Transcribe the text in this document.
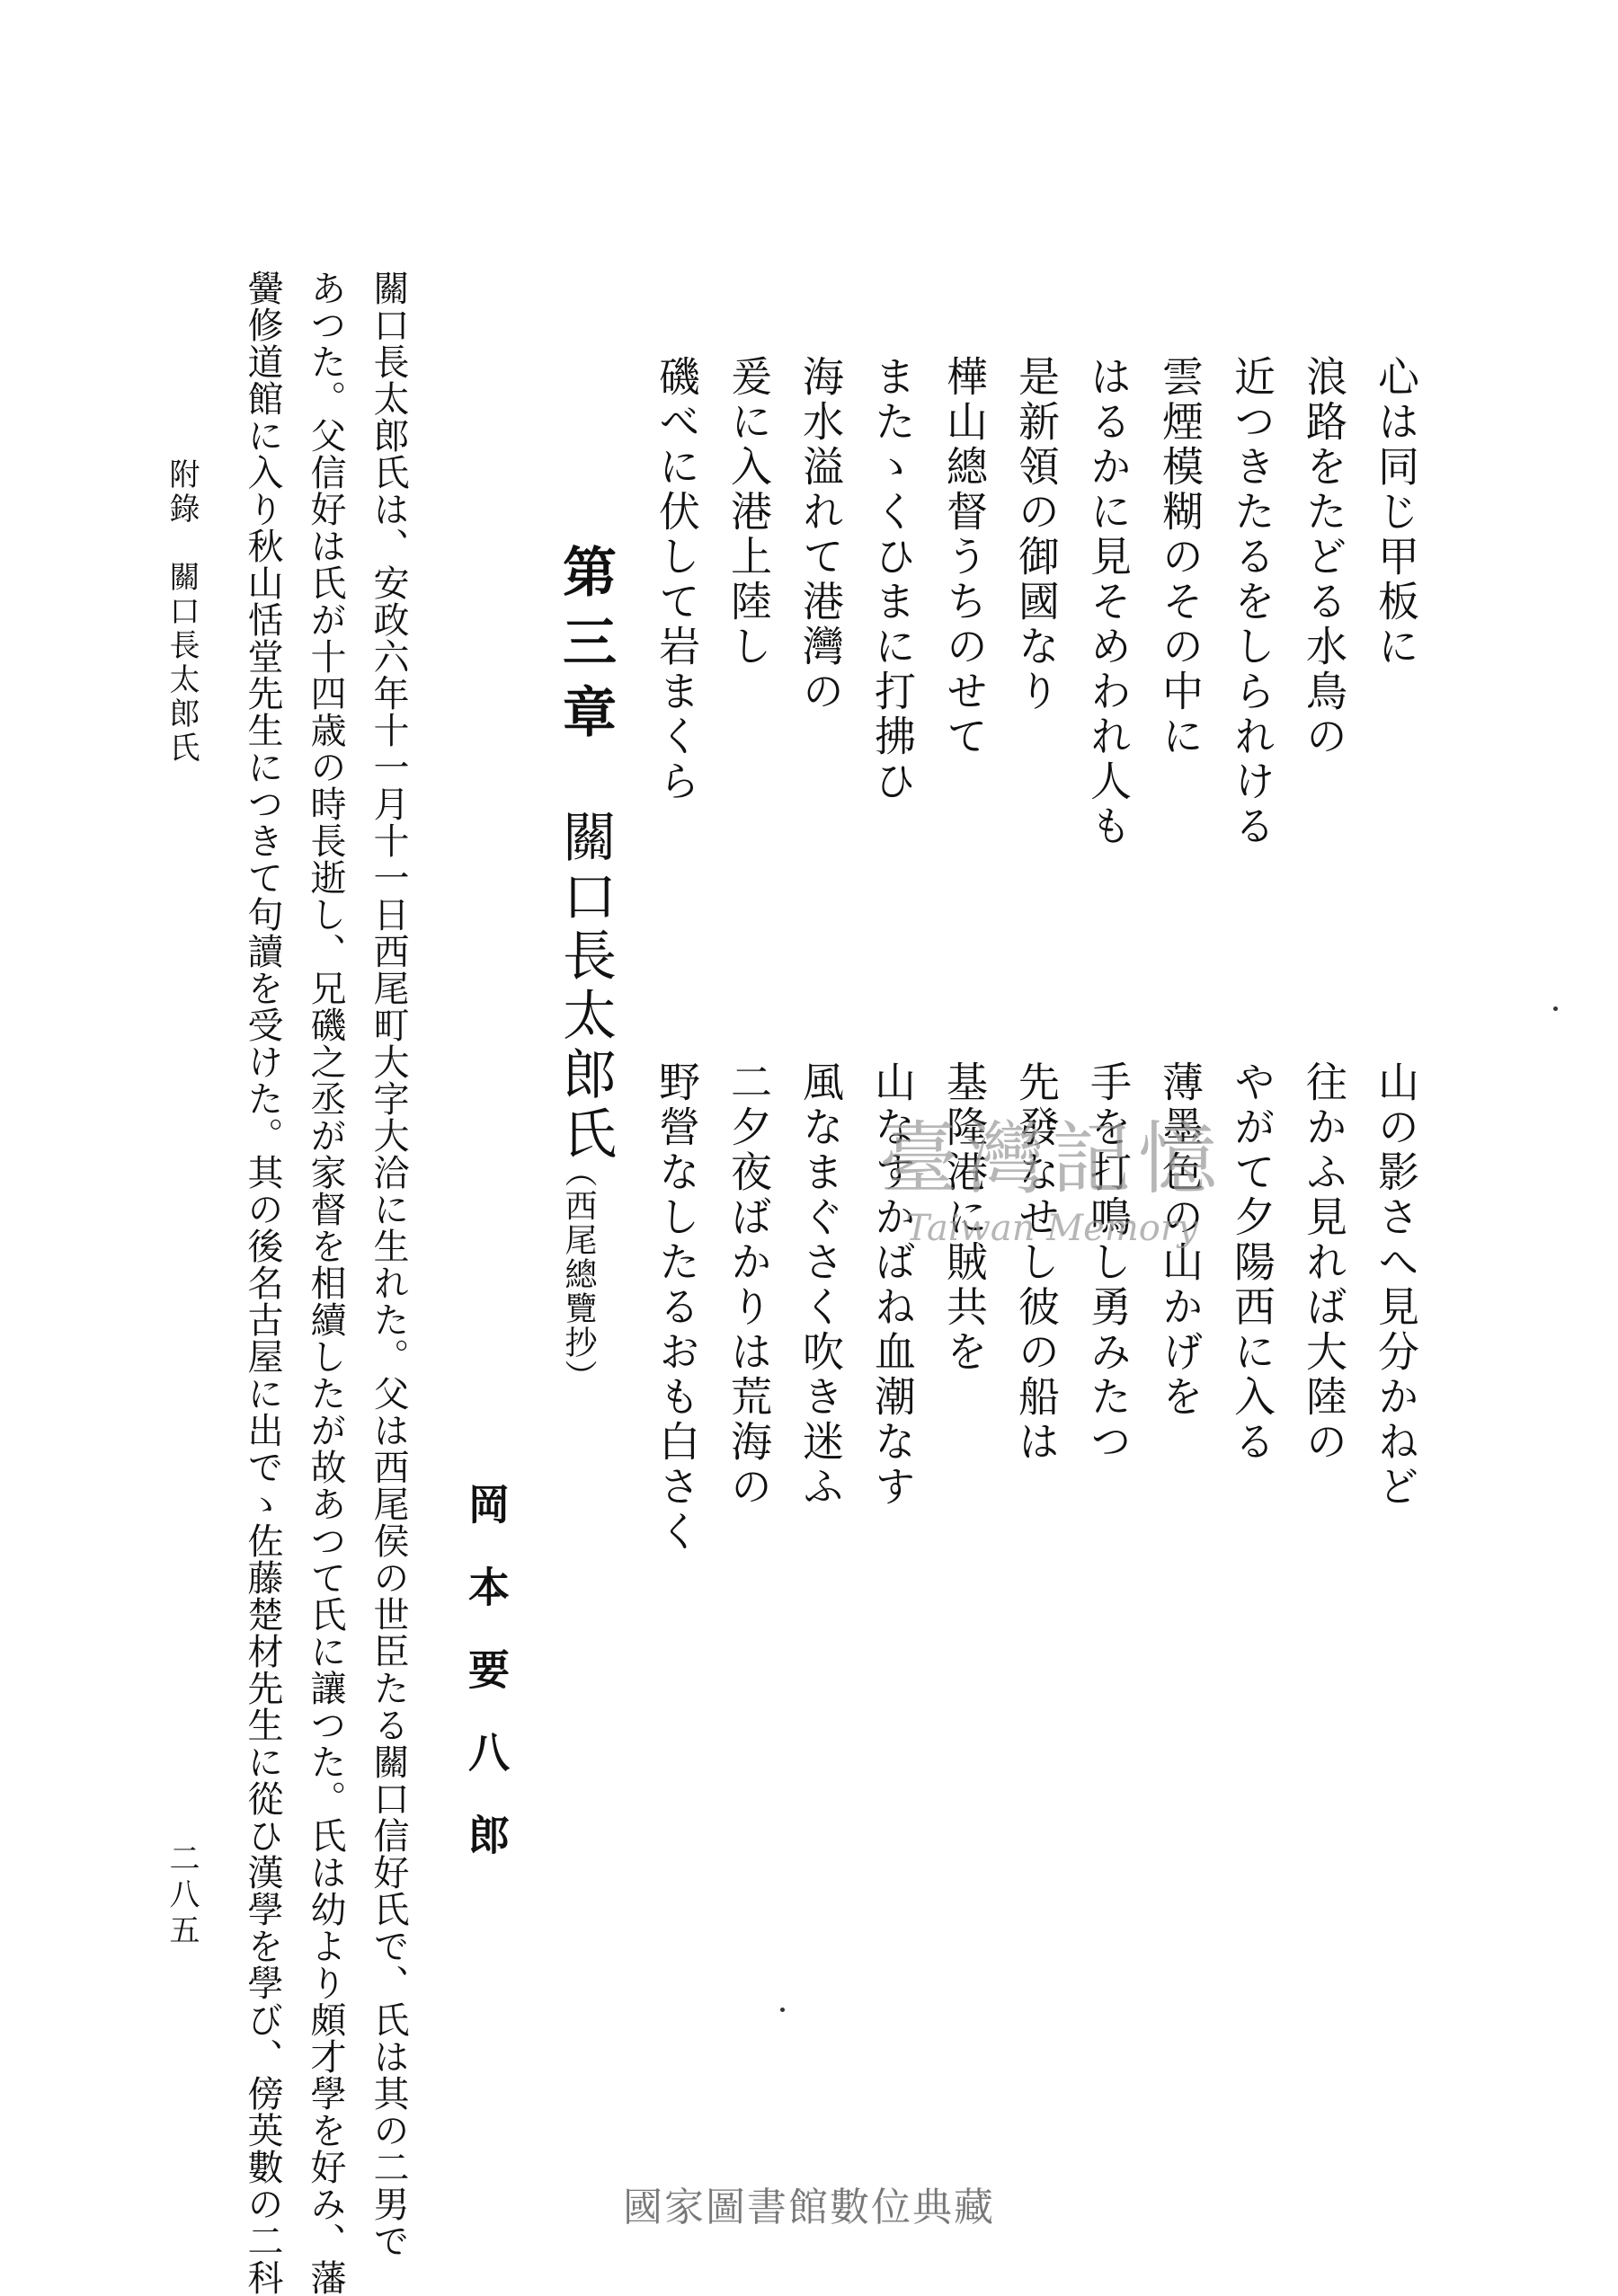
心は同じ甲板に
浪路をたどる水鳥の
近つきたるをしられける
雲煙模糊のその中に
はるかに見そめわれ人も
是新領の御國なり
樺山總督うちのせて
またゝくひまに打拂ひ
海水溢れて港灣の
爰に入港上陸し
磯べに伏して岩まくら
山の影さへ見分かねど
往かふ見れば大陸の
やがて夕陽西に入る
薄墨色の山かげを
手を打鳴し勇みたつ
先發なせし彼の船は
基隆港に賊共を
山なすかばね血潮なす
風なまぐさく吹き迷ふ
二夕夜ばかりは荒海の
野營なしたるおも白さく
第三章
關口長太郎氏
（西尾總覽抄）
岡本要八郎
關口長太郎氏は、安政六年十一月十一日西尾町大字大洽に生れた。父は西尾侯の世臣たる關口信好氏で、氏は其の二男で
あつた。父信好は氏が十四歳の時長逝し、兄磯之丞が家督を相續したが故あつて氏に讓つた。氏は幼より頗才學を好み、藩
黌修道館に入り秋山恬堂先生につきて句讀を受けた。其の後名古屋に出でゝ佐藤楚材先生に從ひ漢學を學び、傍英數の二科
附錄　關口長太郎氏
二八五
臺灣記憶
Taiwan Memory
國家圖書館數位典藏
